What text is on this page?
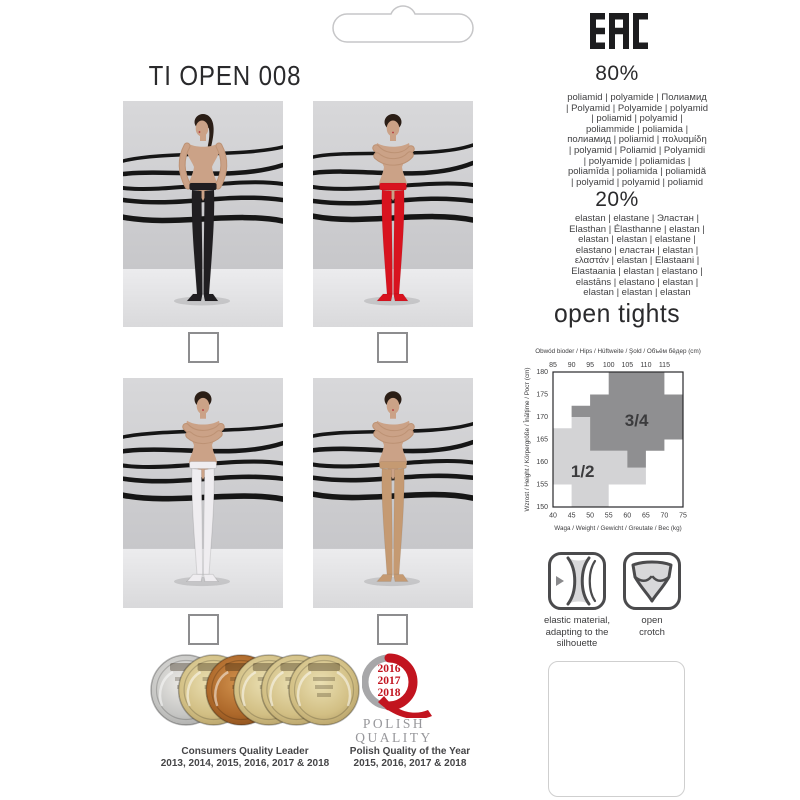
TI OPEN 008	80%
poliamid | polyamide | Полиамид
| Polyamid | Polyamide | polyamid
| poliamid | polyamid |
poliammide | poliamida |
полиамид | poliamid | πολυαμίδη
| polyamid | Poliamid | Polyamidi
| polyamide | poliamidas |
poliamīda | poliamida | poliamidă
| polyamid | polyamid | poliamid
20%
elastan | elastane | Эластан |
Elasthan | Élasthanne | elastan |
elastan | elastan | elastane |
elastano | еластан | elastan |
ελαστάν | elastan | Elastaani |
Elastaania | elastan | elastano |
elastāns | elastano | elastan |
elastan | elastan | elastan
open tights
Obwód bioder / Hips / Hüftweite / Şold / Объём бёдер (cm)
85 90 95 100 105 110 115
180
175
170
165
160
155
150
3/4
1/2
40 45 50 55 60 65 70 75
Waga / Weight / Gewicht / Greutate / Вес (kg)
Wzrost / Height / Körpergröße / Înălţime / Рост (cm)
elastic material,
adapting to the
silhouette
open
crotch
Consumers Quality Leader
2013, 2014, 2015, 2016, 2017 & 2018
2016
2017
2018
POLISH
QUALITY
Polish Quality of the Year
2015, 2016, 2017 & 2018
